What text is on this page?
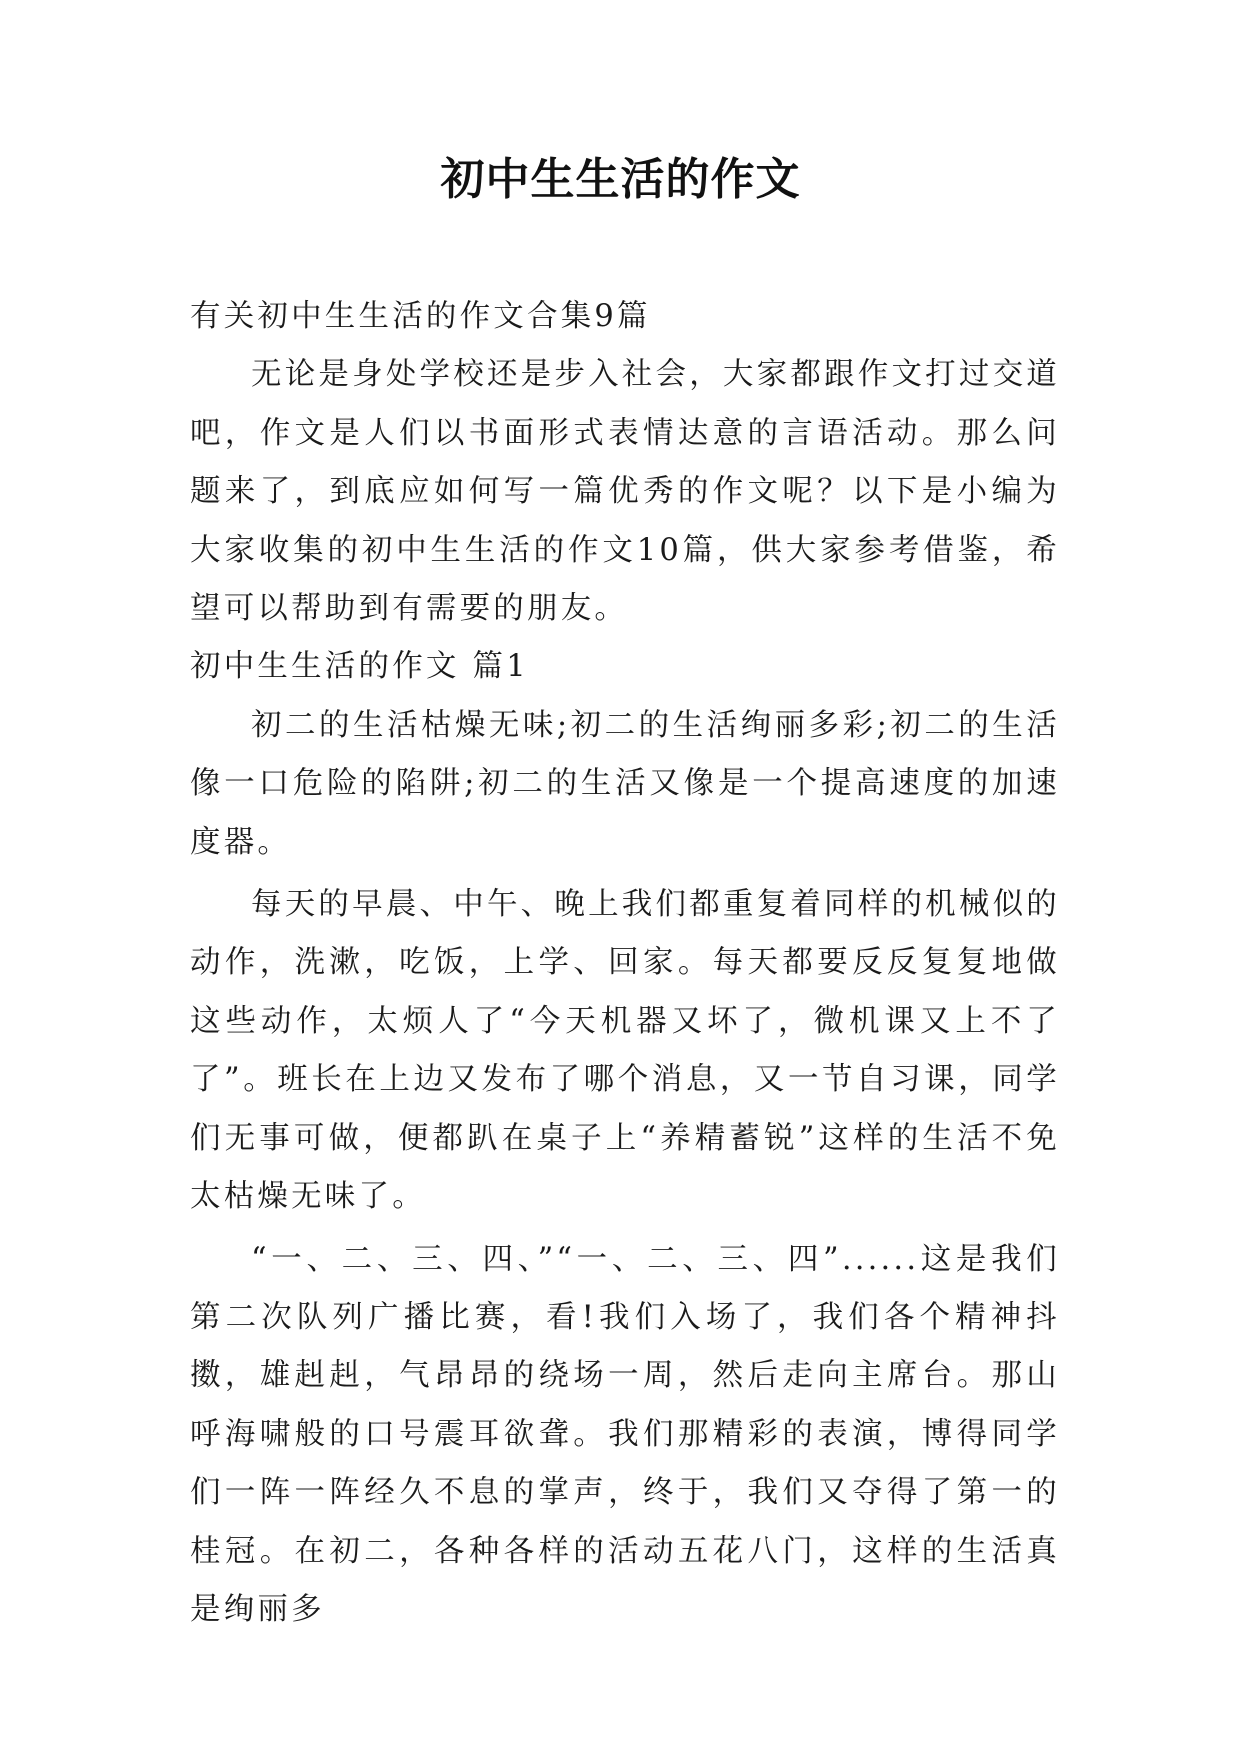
初中生生活的作文

有关初中生生活的作文合集9篇

无论是身处学校还是步入社会，大家都跟作文打过交道吧，作文是人们以书面形式表情达意的言语活动。那么问题来了，到底应如何写一篇优秀的作文呢？以下是小编为大家收集的初中生生活的作文10篇，供大家参考借鉴，希望可以帮助到有需要的朋友。

初中生生活的作文 篇1

初二的生活枯燥无味;初二的生活绚丽多彩;初二的生活像一口危险的陷阱;初二的生活又像是一个提高速度的加速度器。

每天的早晨、中午、晚上我们都重复着同样的机械似的动作，洗漱，吃饭，上学、回家。每天都要反反复复地做这些动作，太烦人了“今天机器又坏了，微机课又上不了了”。班长在上边又发布了哪个消息，又一节自习课，同学们无事可做，便都趴在桌子上“养精蓄锐”这样的生活不免太枯燥无味了。

“一、二、三、四、”“一、二、三、四”......这是我们第二次队列广播比赛，看!我们入场了，我们各个精神抖擞，雄赳赳，气昂昂的绕场一周，然后走向主席台。那山呼海啸般的口号震耳欲聋。我们那精彩的表演，博得同学们一阵一阵经久不息的掌声，终于，我们又夺得了第一的桂冠。在初二，各种各样的活动五花八门，这样的生活真是绚丽多
